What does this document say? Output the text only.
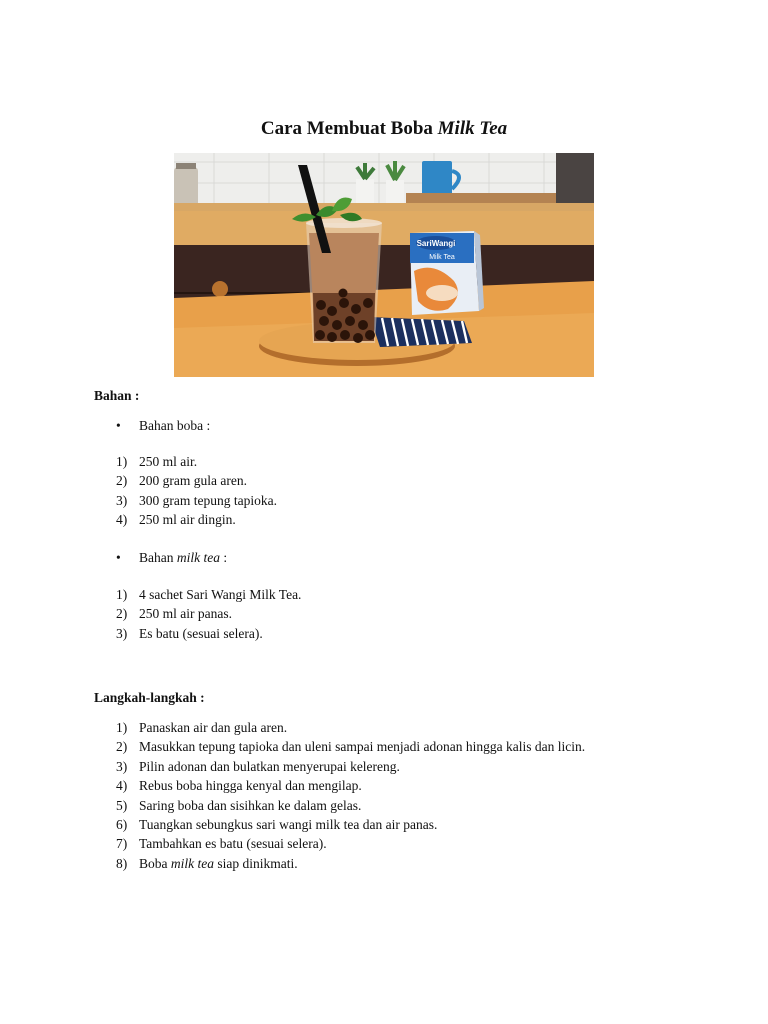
Cara Membuat Boba Milk Tea
SariWangi
Milk Tea

Bahan :

• Bahan boba :

1) 250 ml air.
2) 200 gram gula aren.
3) 300 gram tepung tapioka.
4) 250 ml air dingin.

• Bahan milk tea :

1) 4 sachet Sari Wangi Milk Tea.
2) 250 ml air panas.
3) Es batu (sesuai selera).

Langkah-langkah :

1) Panaskan air dan gula aren.
2) Masukkan tepung tapioka dan uleni sampai menjadi adonan hingga kalis dan licin.
3) Pilin adonan dan bulatkan menyerupai kelereng.
4) Rebus boba hingga kenyal dan mengilap.
5) Saring boba dan sisihkan ke dalam gelas.
6) Tuangkan sebungkus sari wangi milk tea dan air panas.
7) Tambahkan es batu (sesuai selera).
8) Boba milk tea siap dinikmati.
